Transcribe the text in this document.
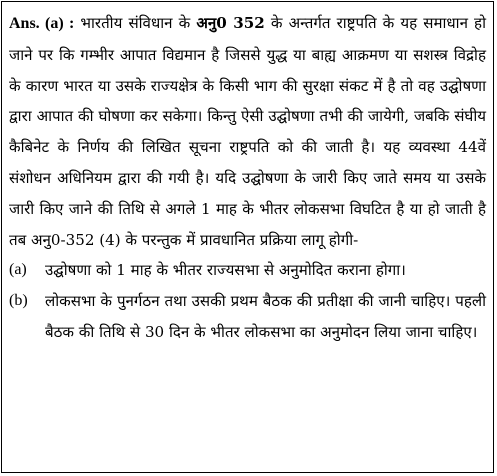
Ans. (a) : भारतीय संविधान के अनु0 352 के अन्तर्गत राष्ट्रपति के यह समाधान हो जाने पर कि गम्भीर आपात विद्यमान है जिससे युद्ध या बाह्य आक्रमण या सशस्त्र विद्रोह के कारण भारत या उसके राज्यक्षेत्र के किसी भाग की सुरक्षा संकट में है तो वह उद्घोषणा द्वारा आपात की घोषणा कर सकेगा। किन्तु ऐसी उद्घोषणा तभी की जायेगी, जबकि संघीय कैबिनेट के निर्णय की लिखित सूचना राष्ट्रपति को की जाती है। यह व्यवस्था 44वें संशोधन अधिनियम द्वारा की गयी है। यदि उद्घोषणा के जारी किए जाते समय या उसके जारी किए जाने की तिथि से अगले 1 माह के भीतर लोकसभा विघटित है या हो जाती है तब अनु0-352 (4) के परन्तुक में प्रावधानित प्रक्रिया लागू होगी-

(a)	उद्घोषणा को 1 माह के भीतर राज्यसभा से अनुमोदित कराना होगा।
(b)	लोकसभा के पुनर्गठन तथा उसकी प्रथम बैठक की प्रतीक्षा की जानी चाहिए। पहली बैठक की तिथि से 30 दिन के भीतर लोकसभा का अनुमोदन लिया जाना चाहिए।
